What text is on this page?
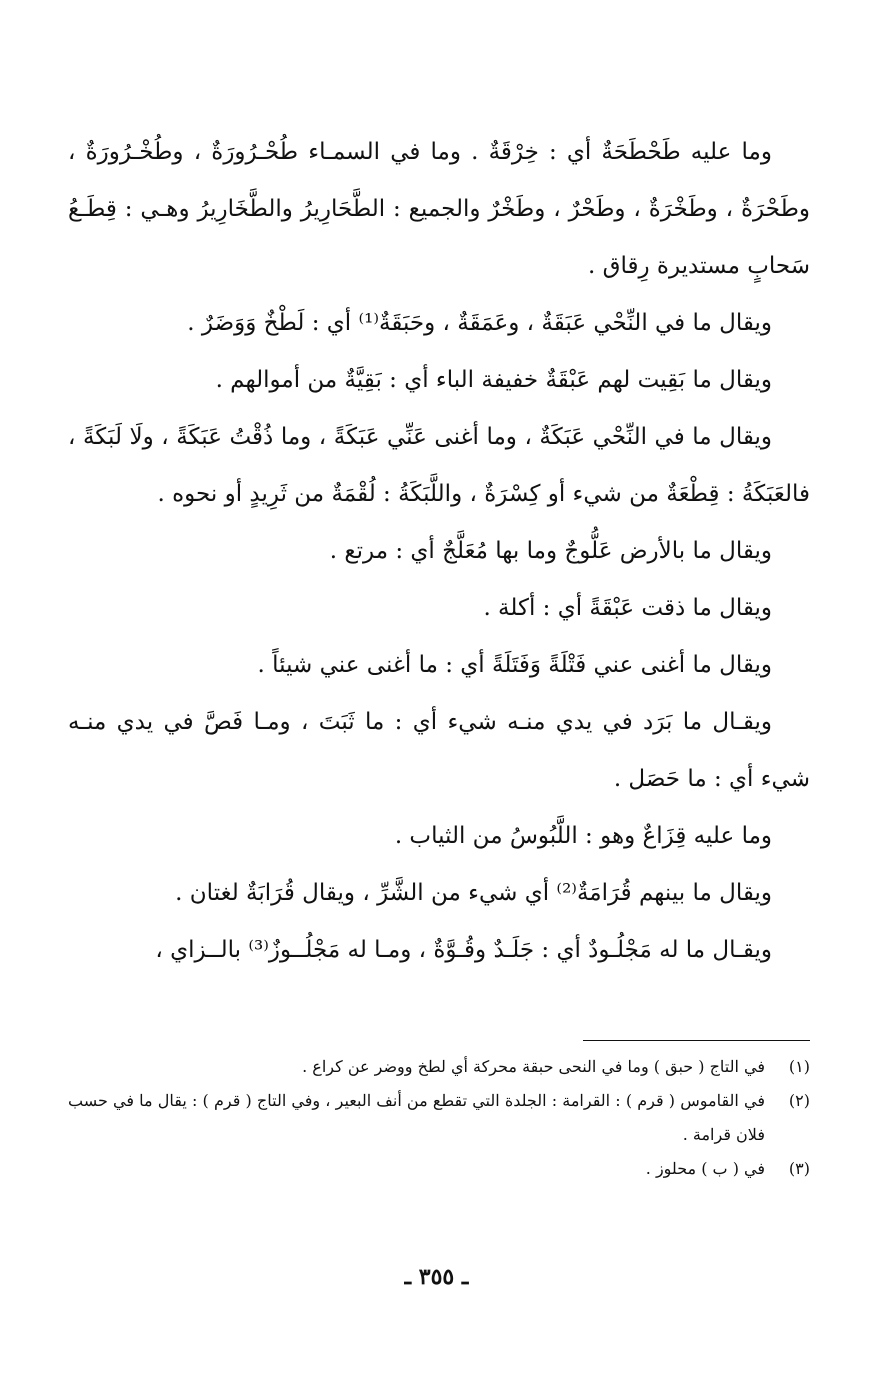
وما عليه طَحْطَحَةٌ أي : خِرْقَةٌ . وما في السمـاء طُحْـرُورَةٌ ، وطُخْـرُورَةٌ ، وطَحْرَةٌ ، وطَخْرَةٌ ، وطَحْرٌ ، وطَخْرٌ والجميع : الطَّحَارِيرُ والطَّخَارِيرُ وهـي : قِطَـعُ سَحابٍ مستديرة رِقاق .

ويقال ما في النِّحْي عَبَقَةٌ ، وعَمَقَةٌ ، وحَبَقَةٌ⁽¹⁾ أي : لَطْخٌ وَوَضَرٌ .

ويقال ما بَقِيت لهم عَبْقَةٌ خفيفة الباء أي : بَقِيَّةٌ من أموالهم .

ويقال ما في النِّحْي عَبَكَةٌ ، وما أغنى عَنِّي عَبَكَةً ، وما ذُقْتُ عَبَكَةً ، ولَا لَبَكَةً ، فالعَبَكَةُ : قِطْعَةٌ من شيء أو كِسْرَةٌ ، واللَّبَكَةُ : لُقْمَةٌ من ثَرِيدٍ أو نحوه .

ويقال ما بالأرض عَلُّوجٌ وما بها مُعَلَّجٌ أي : مرتع .

ويقال ما ذقت عَبْقَةً أي : أكلة .

ويقال ما أغنى عني فَتْلَةً وَفَتَلَةً أي : ما أغنى عني شيئاً .

ويقـال ما بَرَد في يدي منـه شيء أي : ما ثَبَتَ ، ومـا فَصَّ في يدي منـه شيء أي : ما حَصَل .

وما عليه قِزَاعٌ وهو : اللَّبُوسُ من الثياب .

ويقال ما بينهم قُرَامَةٌ⁽²⁾ أي شيء من الشَّرِّ ، ويقال قُرَابَةٌ لغتان .

ويقـال ما له مَجْلُـودٌ أي : جَلَـدٌ وقُـوَّةٌ ، ومـا له مَجْلُــوزٌ⁽³⁾ بالــزاي ،

(١)
في التاج ( حبق ) وما في النحى حبقة محركة أي لطخ ووضر عن كراع .
(٢)
في القاموس ( قرم ) : القرامة : الجلدة التي تقطع من أنف البعير ، وفي التاج ( قرم ) : يقال ما في حسب فلان قرامة .
(٣)
في ( ب ) محلوز .
ـ ٣٥٥ ـ
